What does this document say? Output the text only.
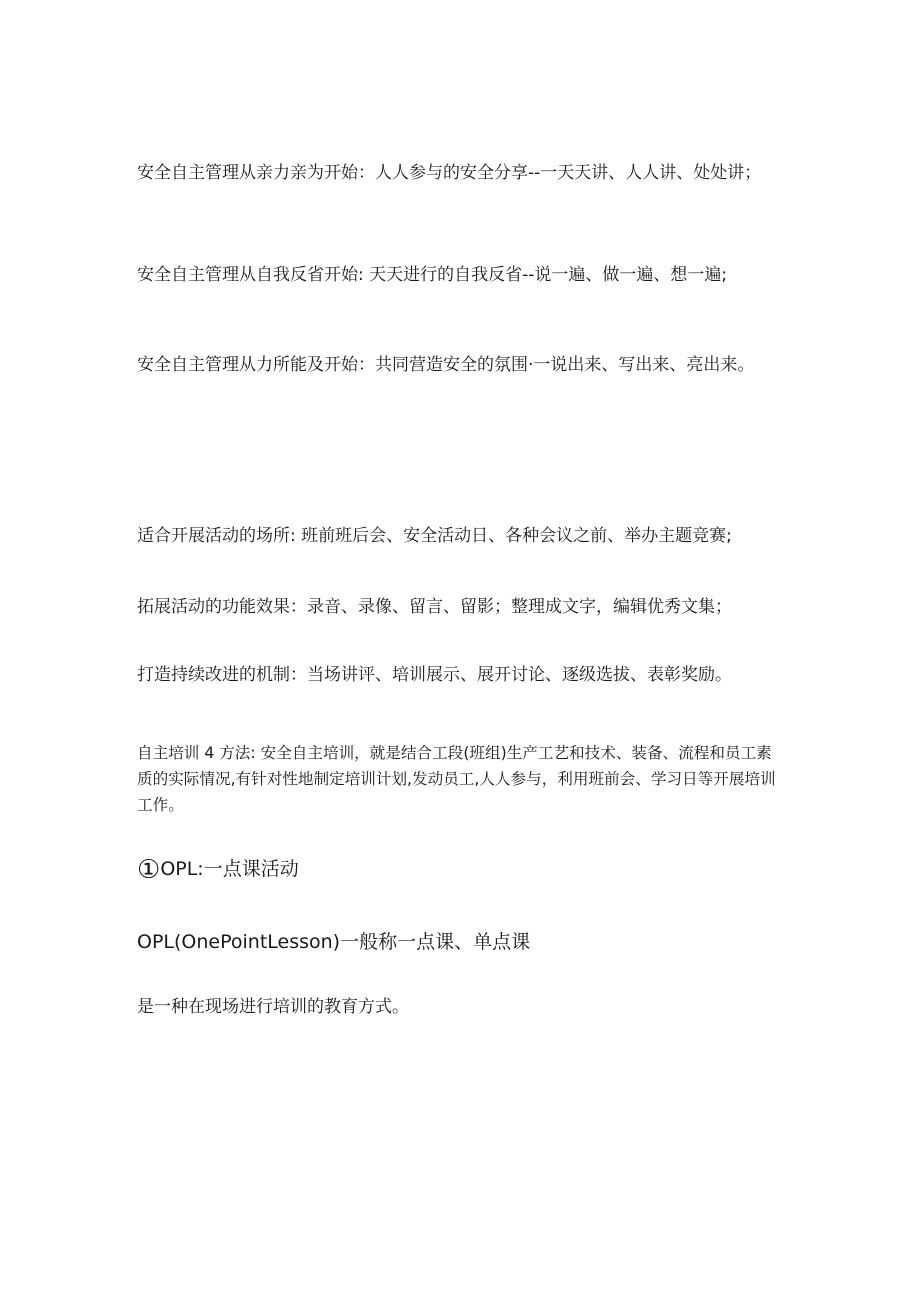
安全自主管理从亲力亲为开始：人人参与的安全分享--一天天讲、人人讲、处处讲；

安全自主管理从自我反省开始: 天天进行的自我反省--说一遍、做一遍、想一遍;

安全自主管理从力所能及开始：共同营造安全的氛围·一说出来、写出来、亮出来。

适合开展活动的场所: 班前班后会、安全活动日、各种会议之前、举办主题竞赛;

拓展活动的功能效果：录音、录像、留言、留影；整理成文字，编辑优秀文集；

打造持续改进的机制：当场讲评、培训展示、展开讨论、逐级选拔、表彰奖励。

自主培训 4 方法: 安全自主培训，就是结合工段(班组)生产工艺和技术、装备、流程和员工素质的实际情况,有针对性地制定培训计划,发动员工,人人参与，利用班前会、学习日等开展培训工作。

①OPL:一点课活动

OPL(OnePointLesson)一般称一点课、单点课

是一种在现场进行培训的教育方式。
